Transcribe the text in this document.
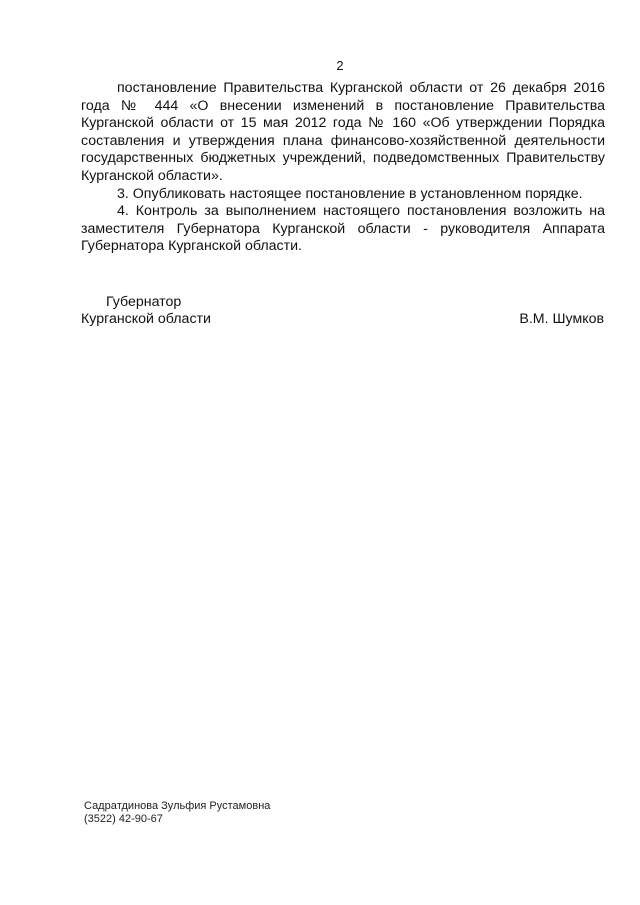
2

постановление Правительства Курганской области от 26 декабря 2016 года № 444 «О внесении изменений в постановление Правительства Курганской области от 15 мая 2012 года № 160 «Об утверждении Порядка составления и утверждения плана финансово-хозяйственной деятельности государственных бюджетных учреждений, подведомственных Правительству Курганской области».

3. Опубликовать настоящее постановление в установленном порядке.

4. Контроль за выполнением настоящего постановления возложить на заместителя Губернатора Курганской области - руководителя Аппарата Губернатора Курганской области.

Губернатор
Курганской области	В.М. Шумков
Садрaтдинова Зульфия Рустамовна
(3522) 42-90-67
